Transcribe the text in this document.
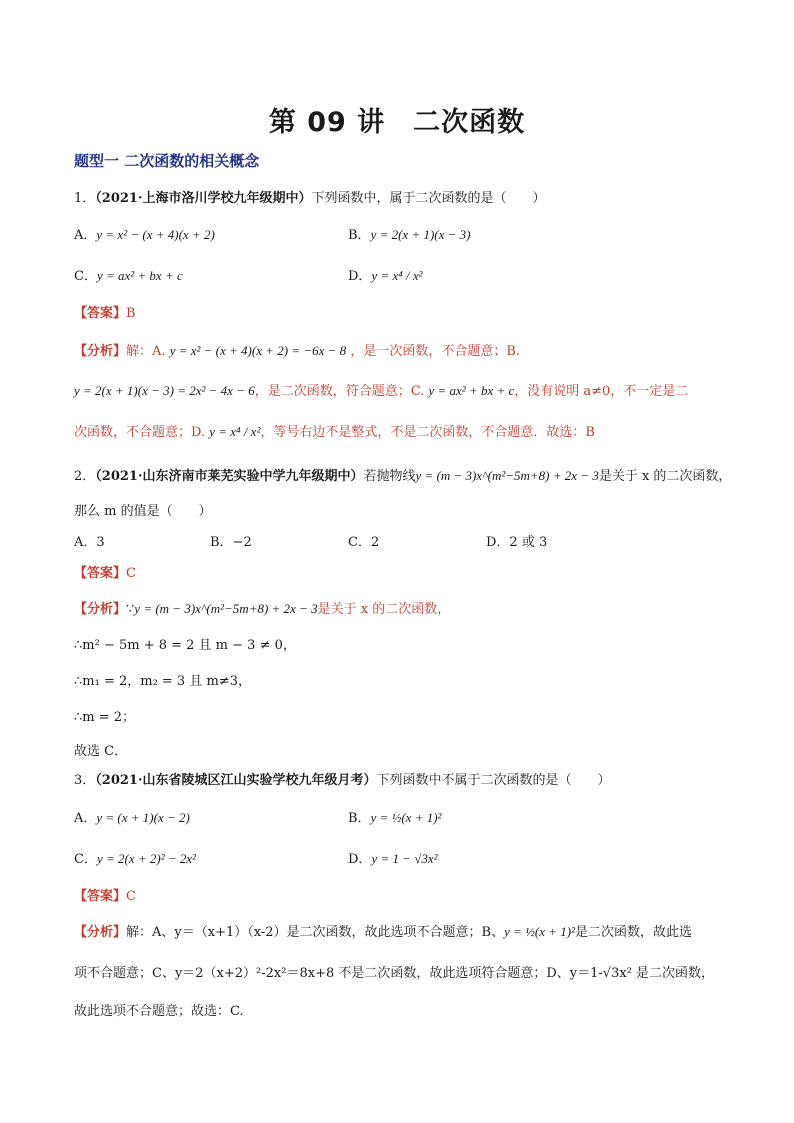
第 09 讲　二次函数
题型一 二次函数的相关概念
1．（2021·上海市洛川学校九年级期中）下列函数中，属于二次函数的是（　　）
A．y = x² − (x + 4)(x + 2)	B．y = 2(x + 1)(x − 3)
C．y = ax² + bx + c	D．y = x⁴ / x²
【答案】B
【分析】解：A. y = x² − (x + 4)(x + 2) = −6x − 8 ，是一次函数，不合题意；B.
y = 2(x + 1)(x − 3) = 2x² − 4x − 6，是二次函数，符合题意；C. y = ax² + bx + c，没有说明 a≠0，不一定是二
次函数，不合题意；D. y = x⁴ / x²，等号右边不是整式，不是二次函数，不合题意．故选：B
2．（2021·山东济南市莱芜实验中学九年级期中）若抛物线y = (m − 3)x^(m²−5m+8) + 2x − 3是关于 x 的二次函数，
那么 m 的值是（　　）
A．3	B．−2	C．2	D．2 或 3
【答案】C
【分析】∵y = (m − 3)x^(m²−5m+8) + 2x − 3是关于 x 的二次函数，
∴m² − 5m + 8 = 2 且 m − 3 ≠ 0，
∴m₁ = 2，m₂ = 3 且 m≠3，
∴m = 2；
故选 C．
3．（2021·山东省陵城区江山实验学校九年级月考）下列函数中不属于二次函数的是（　　）
A．y = (x + 1)(x − 2)	B．y = ½(x + 1)²
C．y = 2(x + 2)² − 2x²	D．y = 1 − √3x²
【答案】C
【分析】解：A、y＝（x+1）（x-2）是二次函数，故此选项不合题意；B、y = ½(x + 1)²是二次函数，故此选
项不合题意；C、y＝2（x+2）²-2x²＝8x+8 不是二次函数，故此选项符合题意；D、y＝1-√3x² 是二次函数，
故此选项不合题意；故选：C.
